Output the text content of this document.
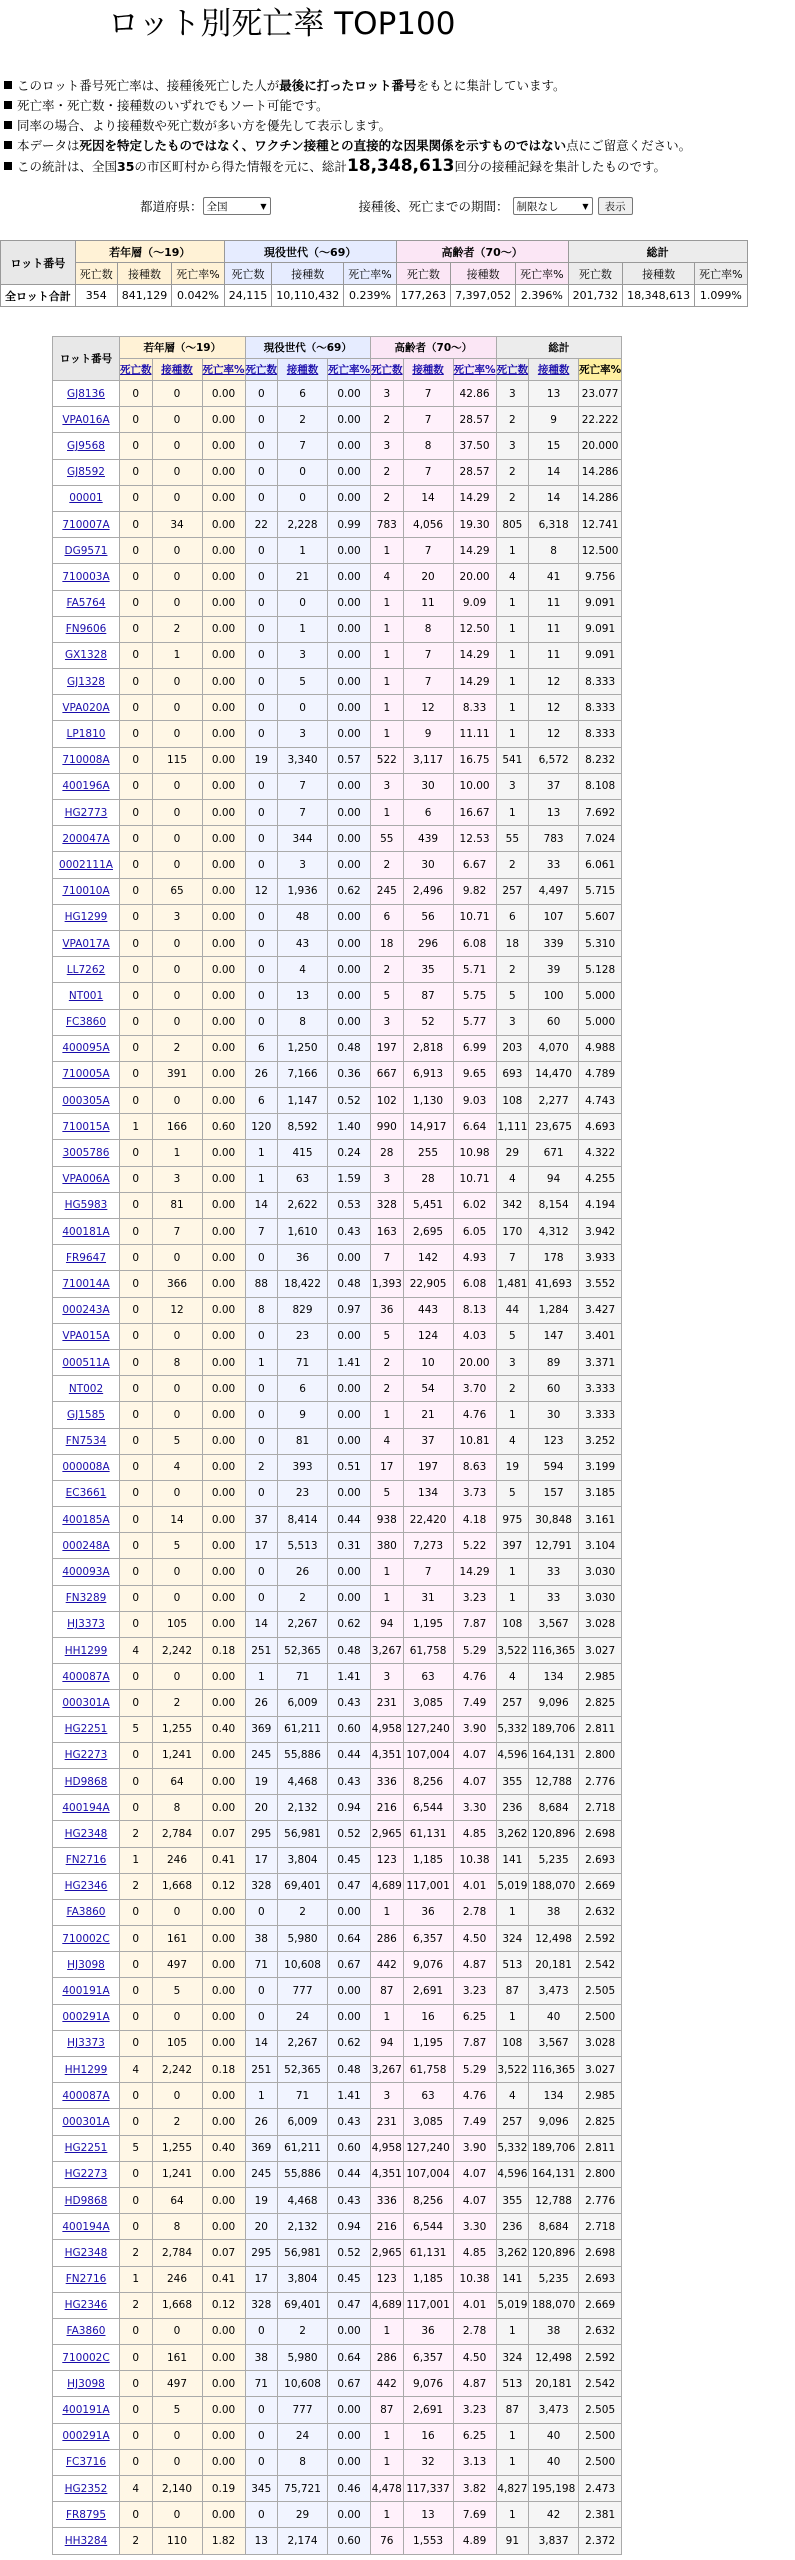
ロット別死亡率 TOP100
このロット番号死亡率は、接種後死亡した人が最後に打ったロット番号をもとに集計しています。
死亡率・死亡数・接種数のいずれでもソート可能です。
同率の場合、より接種数や死亡数が多い方を優先して表示します。
本データは死因を特定したものではなく、ワクチン接種との直接的な因果関係を示すものではない点にご留意ください。
この統計は、全国35の市区町村から得た情報を元に、総計18,348,613回分の接種記録を集計したものです。
都道府県： 全国	▼	接種後、死亡までの期間： 制限なし	▼	表示
ロット番号	若年層（～19）			現役世代（～69）			高齢者（70～）			総計		
	死亡数	接種数	死亡率%	死亡数	接種数	死亡率%	死亡数	接種数	死亡率%	死亡数	接種数	死亡率%
全ロット合計	354	841,129	0.042%	24,115	10,110,432	0.239%	177,263	7,397,052	2.396%	201,732	18,348,613	1.099%
ロット番号	若年層（～19）			現役世代（～69）			高齢者（70～）			総計		
	死亡数	接種数	死亡率%	死亡数	接種数	死亡率%	死亡数	接種数	死亡率%	死亡数	接種数	死亡率%
GJ8136	0	0	0.00	0	6	0.00	3	7	42.86	3	13	23.077
VPA016A	0	0	0.00	0	2	0.00	2	7	28.57	2	9	22.222
GJ9568	0	0	0.00	0	7	0.00	3	8	37.50	3	15	20.000
GJ8592	0	0	0.00	0	0	0.00	2	7	28.57	2	14	14.286
00001	0	0	0.00	0	0	0.00	2	14	14.29	2	14	14.286
710007A	0	34	0.00	22	2,228	0.99	783	4,056	19.30	805	6,318	12.741
DG9571	0	0	0.00	0	1	0.00	1	7	14.29	1	8	12.500
710003A	0	0	0.00	0	21	0.00	4	20	20.00	4	41	9.756
FA5764	0	0	0.00	0	0	0.00	1	11	9.09	1	11	9.091
FN9606	0	2	0.00	0	1	0.00	1	8	12.50	1	11	9.091
GX1328	0	1	0.00	0	3	0.00	1	7	14.29	1	11	9.091
GJ1328	0	0	0.00	0	5	0.00	1	7	14.29	1	12	8.333
VPA020A	0	0	0.00	0	0	0.00	1	12	8.33	1	12	8.333
LP1810	0	0	0.00	0	3	0.00	1	9	11.11	1	12	8.333
710008A	0	115	0.00	19	3,340	0.57	522	3,117	16.75	541	6,572	8.232
400196A	0	0	0.00	0	7	0.00	3	30	10.00	3	37	8.108
HG2773	0	0	0.00	0	7	0.00	1	6	16.67	1	13	7.692
200047A	0	0	0.00	0	344	0.00	55	439	12.53	55	783	7.024
0002111A	0	0	0.00	0	3	0.00	2	30	6.67	2	33	6.061
710010A	0	65	0.00	12	1,936	0.62	245	2,496	9.82	257	4,497	5.715
HG1299	0	3	0.00	0	48	0.00	6	56	10.71	6	107	5.607
VPA017A	0	0	0.00	0	43	0.00	18	296	6.08	18	339	5.310
LL7262	0	0	0.00	0	4	0.00	2	35	5.71	2	39	5.128
NT001	0	0	0.00	0	13	0.00	5	87	5.75	5	100	5.000
FC3860	0	0	0.00	0	8	0.00	3	52	5.77	3	60	5.000
400095A	0	2	0.00	6	1,250	0.48	197	2,818	6.99	203	4,070	4.988
710005A	0	391	0.00	26	7,166	0.36	667	6,913	9.65	693	14,470	4.789
000305A	0	0	0.00	6	1,147	0.52	102	1,130	9.03	108	2,277	4.743
710015A	1	166	0.60	120	8,592	1.40	990	14,917	6.64	1,111	23,675	4.693
3005786	0	1	0.00	1	415	0.24	28	255	10.98	29	671	4.322
VPA006A	0	3	0.00	1	63	1.59	3	28	10.71	4	94	4.255
HG5983	0	81	0.00	14	2,622	0.53	328	5,451	6.02	342	8,154	4.194
400181A	0	7	0.00	7	1,610	0.43	163	2,695	6.05	170	4,312	3.942
FR9647	0	0	0.00	0	36	0.00	7	142	4.93	7	178	3.933
710014A	0	366	0.00	88	18,422	0.48	1,393	22,905	6.08	1,481	41,693	3.552
000243A	0	12	0.00	8	829	0.97	36	443	8.13	44	1,284	3.427
VPA015A	0	0	0.00	0	23	0.00	5	124	4.03	5	147	3.401
000511A	0	8	0.00	1	71	1.41	2	10	20.00	3	89	3.371
NT002	0	0	0.00	0	6	0.00	2	54	3.70	2	60	3.333
GJ1585	0	0	0.00	0	9	0.00	1	21	4.76	1	30	3.333
FN7534	0	5	0.00	0	81	0.00	4	37	10.81	4	123	3.252
000008A	0	4	0.00	2	393	0.51	17	197	8.63	19	594	3.199
EC3661	0	0	0.00	0	23	0.00	5	134	3.73	5	157	3.185
400185A	0	14	0.00	37	8,414	0.44	938	22,420	4.18	975	30,848	3.161
000248A	0	5	0.00	17	5,513	0.31	380	7,273	5.22	397	12,791	3.104
400093A	0	0	0.00	0	26	0.00	1	7	14.29	1	33	3.030
FN3289	0	0	0.00	0	2	0.00	1	31	3.23	1	33	3.030
HJ3373	0	105	0.00	14	2,267	0.62	94	1,195	7.87	108	3,567	3.028
HH1299	4	2,242	0.18	251	52,365	0.48	3,267	61,758	5.29	3,522	116,365	3.027
400087A	0	0	0.00	1	71	1.41	3	63	4.76	4	134	2.985
000301A	0	2	0.00	26	6,009	0.43	231	3,085	7.49	257	9,096	2.825
HG2251	5	1,255	0.40	369	61,211	0.60	4,958	127,240	3.90	5,332	189,706	2.811
HG2273	0	1,241	0.00	245	55,886	0.44	4,351	107,004	4.07	4,596	164,131	2.800
HD9868	0	64	0.00	19	4,468	0.43	336	8,256	4.07	355	12,788	2.776
400194A	0	8	0.00	20	2,132	0.94	216	6,544	3.30	236	8,684	2.718
HG2348	2	2,784	0.07	295	56,981	0.52	2,965	61,131	4.85	3,262	120,896	2.698
FN2716	1	246	0.41	17	3,804	0.45	123	1,185	10.38	141	5,235	2.693
HG2346	2	1,668	0.12	328	69,401	0.47	4,689	117,001	4.01	5,019	188,070	2.669
FA3860	0	0	0.00	0	2	0.00	1	36	2.78	1	38	2.632
710002C	0	161	0.00	38	5,980	0.64	286	6,357	4.50	324	12,498	2.592
HJ3098	0	497	0.00	71	10,608	0.67	442	9,076	4.87	513	20,181	2.542
400191A	0	5	0.00	0	777	0.00	87	2,691	3.23	87	3,473	2.505
000291A	0	0	0.00	0	24	0.00	1	16	6.25	1	40	2.500
HJ3373	0	105	0.00	14	2,267	0.62	94	1,195	7.87	108	3,567	3.028
HH1299	4	2,242	0.18	251	52,365	0.48	3,267	61,758	5.29	3,522	116,365	3.027
400087A	0	0	0.00	1	71	1.41	3	63	4.76	4	134	2.985
000301A	0	2	0.00	26	6,009	0.43	231	3,085	7.49	257	9,096	2.825
HG2251	5	1,255	0.40	369	61,211	0.60	4,958	127,240	3.90	5,332	189,706	2.811
HG2273	0	1,241	0.00	245	55,886	0.44	4,351	107,004	4.07	4,596	164,131	2.800
HD9868	0	64	0.00	19	4,468	0.43	336	8,256	4.07	355	12,788	2.776
400194A	0	8	0.00	20	2,132	0.94	216	6,544	3.30	236	8,684	2.718
HG2348	2	2,784	0.07	295	56,981	0.52	2,965	61,131	4.85	3,262	120,896	2.698
FN2716	1	246	0.41	17	3,804	0.45	123	1,185	10.38	141	5,235	2.693
HG2346	2	1,668	0.12	328	69,401	0.47	4,689	117,001	4.01	5,019	188,070	2.669
FA3860	0	0	0.00	0	2	0.00	1	36	2.78	1	38	2.632
710002C	0	161	0.00	38	5,980	0.64	286	6,357	4.50	324	12,498	2.592
HJ3098	0	497	0.00	71	10,608	0.67	442	9,076	4.87	513	20,181	2.542
400191A	0	5	0.00	0	777	0.00	87	2,691	3.23	87	3,473	2.505
000291A	0	0	0.00	0	24	0.00	1	16	6.25	1	40	2.500
FC3716	0	0	0.00	0	8	0.00	1	32	3.13	1	40	2.500
HG2352	4	2,140	0.19	345	75,721	0.46	4,478	117,337	3.82	4,827	195,198	2.473
FR8795	0	0	0.00	0	29	0.00	1	13	7.69	1	42	2.381
HH3284	2	110	1.82	13	2,174	0.60	76	1,553	4.89	91	3,837	2.372
